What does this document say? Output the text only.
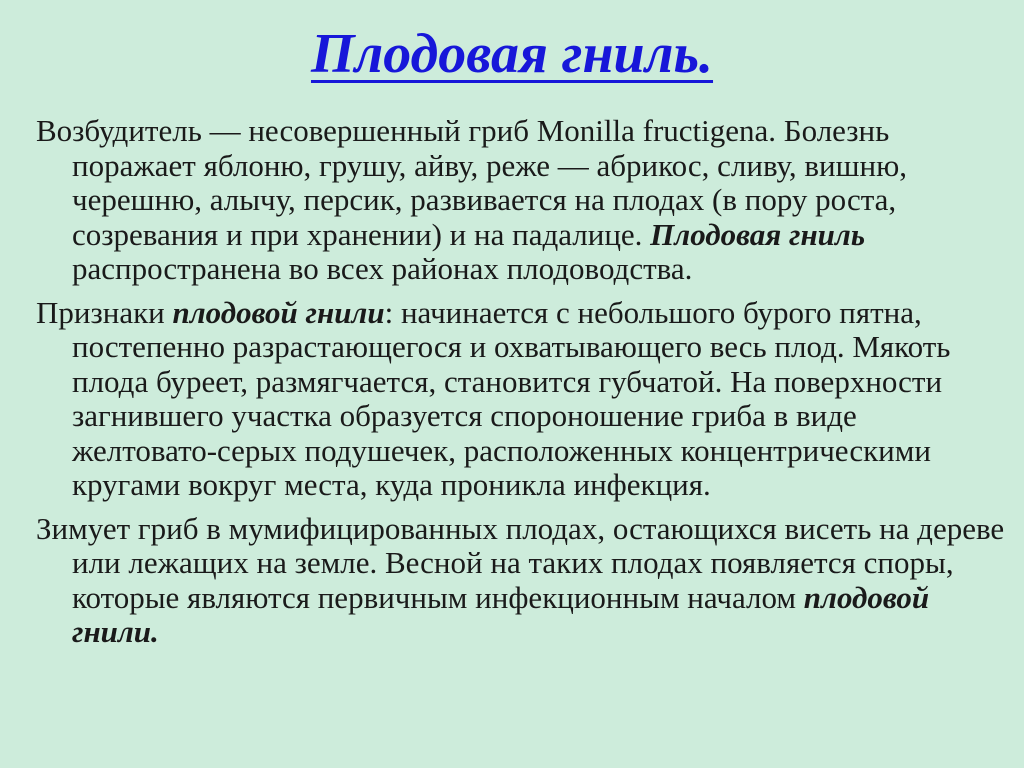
Плодовая гниль.

Возбудитель — несовершенный гриб Monilla fructigena. Болезнь поражает яблоню, грушу, айву, реже — абрикос, сливу, вишню, черешню, алычу, персик, развивается на плодах (в пору роста, созревания и при хранении) и на падалице. Плодовая гниль распространена во всех районах плодоводства.

Признаки плодовой гнили: начинается с небольшого бурого пятна, постепенно разрастающегося и охватывающего весь плод. Мякоть плода буреет, размягчается, становится губчатой. На поверхности загнившего участка образуется спороношение гриба в виде желтовато-серых подушечек, расположенных концентрическими кругами вокруг места, куда проникла инфекция.

Зимует гриб в мумифицированных плодах, остающихся висеть на дереве или лежащих на земле. Весной на таких плодах появляется споры, которые являются первичным инфекционным началом плодовой гнили.
